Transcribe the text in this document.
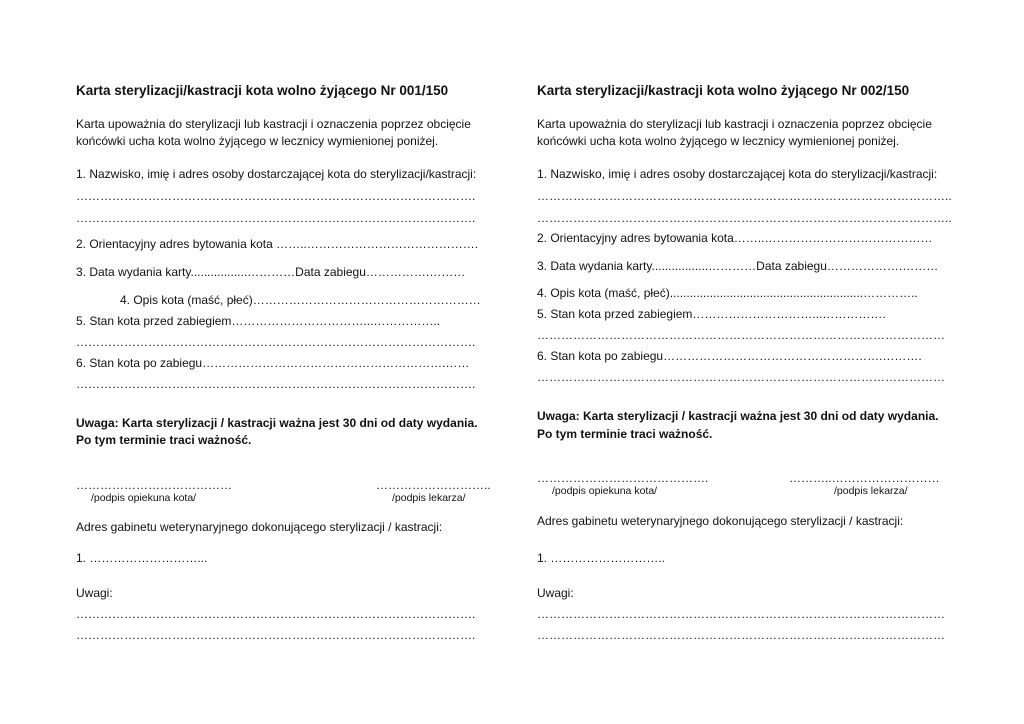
Karta sterylizacji/kastracji kota wolno żyjącego Nr 001/150
Karta upoważnia do sterylizacji lub kastracji i oznaczenia poprzez obcięcie
końcówki ucha kota wolno żyjącego w lecznicy wymienionej poniżej.
1. Nazwisko, imię i adres osoby dostarczającej kota do sterylizacji/kastracji:
……………………………………………………………………………………….
……………………………………………………………………………………….
2. Orientacyjny adres bytowania kota ……..…………………………………….
3. Data wydania karty.................…………Data zabiegu…………….………
4. Opis kota (maść, płeć)…………………………………………………
5. Stan kota przed zabiegiem……………………………...……………..
……………………………………………………………………………………….
6. Stan kota po zabiegu…………………………………………………….……
……………………………………………………………………………………….
Uwaga: Karta sterylizacji / kastracji ważna jest 30 dni od daty wydania.
Po tym terminie traci ważność.
…………………………………	………………………..
/podpis opiekuna kota/	/podpis lekarza/
Adres gabinetu weterynaryjnego dokonującego sterylizacji / kastracji:
1. ………………………...
Uwagi:
……………………………………………………………………………………….
……………………………………………………………………………………….
Karta sterylizacji/kastracji kota wolno żyjącego Nr 002/150
Karta upoważnia do sterylizacji lub kastracji i oznaczenia poprzez obcięcie
końcówki ucha kota wolno żyjącego w lecznicy wymienionej poniżej.
1. Nazwisko, imię i adres osoby dostarczającej kota do sterylizacji/kastracji:
…………………………………………………………………………………………..
…………………………………………………………………………………………..
2. Orientacyjny adres bytowania kota……..……………………………………
3. Data wydania karty.................…………Data zabiegu……………….………
4. Opis kota (maść, płeć)..........................................................…………..
5. Stan kota przed zabiegiem…………………………...…………….
…………………………………………………………………………………………
6. Stan kota po zabiegu……………………………………………….……….
…………………………………………………………………………………………
Uwaga: Karta sterylizacji / kastracji ważna jest 30 dni od daty wydania.
Po tym terminie traci ważność.
…………………………………….	………..………………………
/podpis opiekuna kota/	/podpis lekarza/
Adres gabinetu weterynaryjnego dokonującego sterylizacji / kastracji:
1. ………………………..
Uwagi:
…………………………………………………………………………………………
…………………………………………………………………………………………
